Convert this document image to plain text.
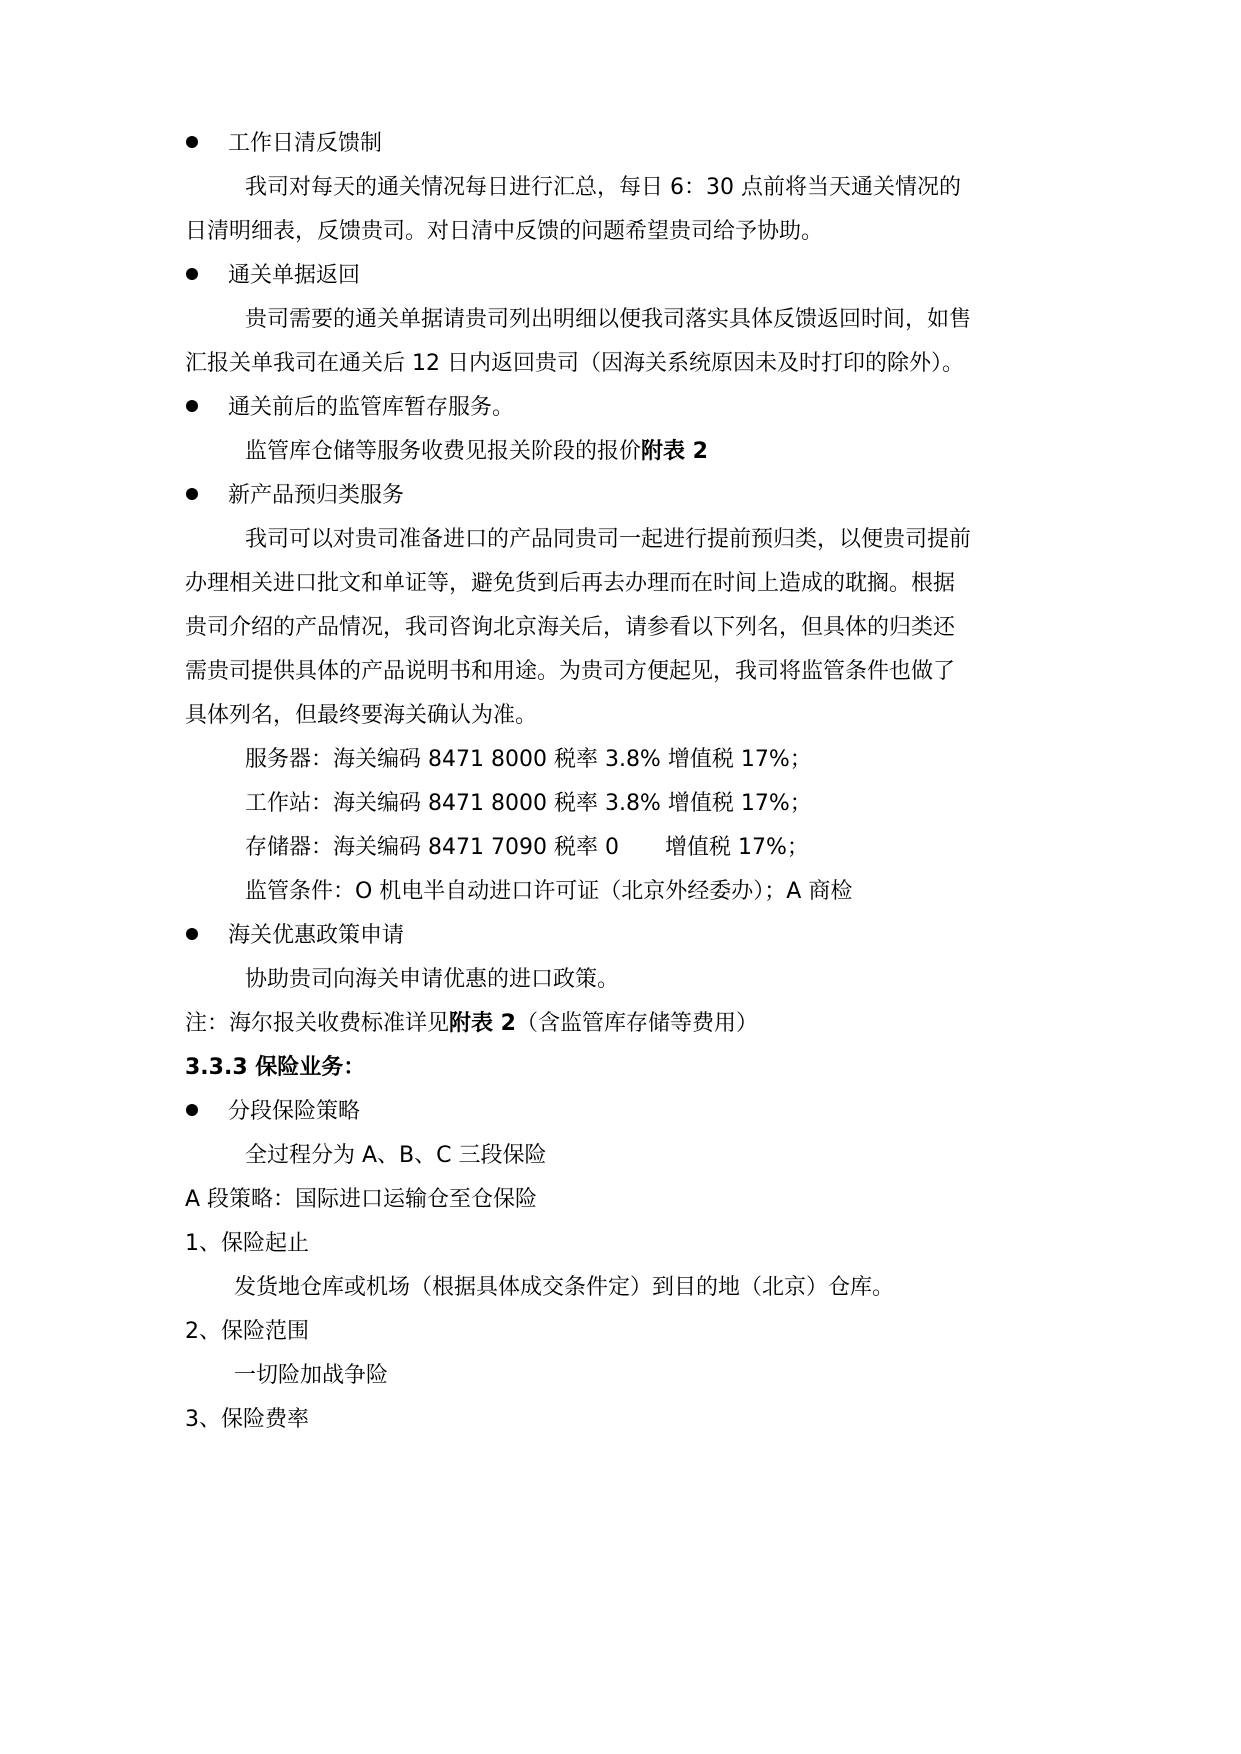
工作日清反馈制
我司对每天的通关情况每日进行汇总，每日 6：30 点前将当天通关情况的
日清明细表，反馈贵司。对日清中反馈的问题希望贵司给予协助。
通关单据返回
贵司需要的通关单据请贵司列出明细以便我司落实具体反馈返回时间，如售
汇报关单我司在通关后 12 日内返回贵司（因海关系统原因未及时打印的除外）。
通关前后的监管库暂存服务。
监管库仓储等服务收费见报关阶段的报价附表 2
新产品预归类服务
我司可以对贵司准备进口的产品同贵司一起进行提前预归类，以便贵司提前
办理相关进口批文和单证等，避免货到后再去办理而在时间上造成的耽搁。根据
贵司介绍的产品情况，我司咨询北京海关后，请参看以下列名，但具体的归类还
需贵司提供具体的产品说明书和用途。为贵司方便起见，我司将监管条件也做了
具体列名，但最终要海关确认为准。
服务器：海关编码 8471 8000 税率 3.8% 增值税 17%；
工作站：海关编码 8471 8000 税率 3.8% 增值税 17%；
存储器：海关编码 8471 7090 税率 0 增值税 17%；
监管条件：O 机电半自动进口许可证（北京外经委办）；A 商检
海关优惠政策申请
协助贵司向海关申请优惠的进口政策。
注：海尔报关收费标准详见附表 2（含监管库存储等费用）
3.3.3 保险业务：
分段保险策略
全过程分为 A、B、C 三段保险
A 段策略：国际进口运输仓至仓保险
1、保险起止
发货地仓库或机场（根据具体成交条件定）到目的地（北京）仓库。
2、保险范围
一切险加战争险
3、保险费率
